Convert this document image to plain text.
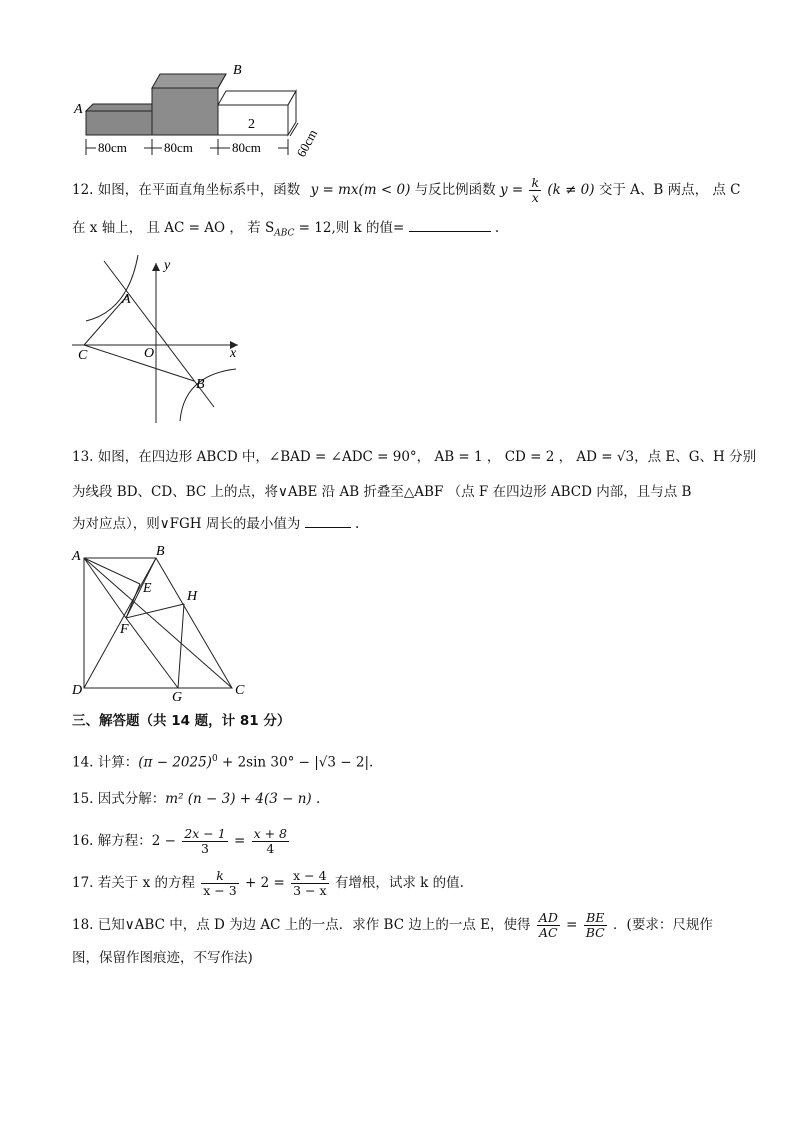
A
B
2
80cm	80cm	80cm	60cm
12. 如图，在平面直角坐标系中，函数 y = mx(m < 0) 与反比例函数 $y = \frac{k}{x} (k \ne 0)$ 交于 A、B 两点， 点 C
在 x 轴上， 且 AC = AO ， 若 $S_{ABC} = 12$,则 k 的值=	.
y
A
C	O	x
B
13. 如图，在四边形 ABCD 中，∠BAD = ∠ADC = 90°， AB = 1 ， CD = 2 ， AD = √3，点 E、G、H 分别
为线段 BD、CD、BC 上的点，将∨ABE 沿 AB 折叠至△ABF （点 F 在四边形 ABCD 内部，且与点 B
为对应点），则∨FGH 周长的最小值为	.
A	B
E
H
F
D	G	C
三、解答题（共 14 题，计 81 分）
14. 计算：$(\pi - 2025)^0 + 2\sin$ 30° − |√3 − 2|.
15. 因式分解：m² (n − 3) + 4(3 − n) .
16. 解方程：$2 - \frac{2x - 1}{3} = \frac{x + 8}{4}$
17. 若关于 x 的方程 $\frac{k}{x - 3} + 2 = \frac{x - 4}{3 - x}$ 有增根，试求 k 的值.
18. 已知∨ABC 中，点 D 为边 AC 上的一点．求作 BC 边上的一点 E，使得 $\frac{AD}{AC} = \frac{BE}{BC}$ ．(要求：尺规作
图，保留作图痕迹，不写作法)
